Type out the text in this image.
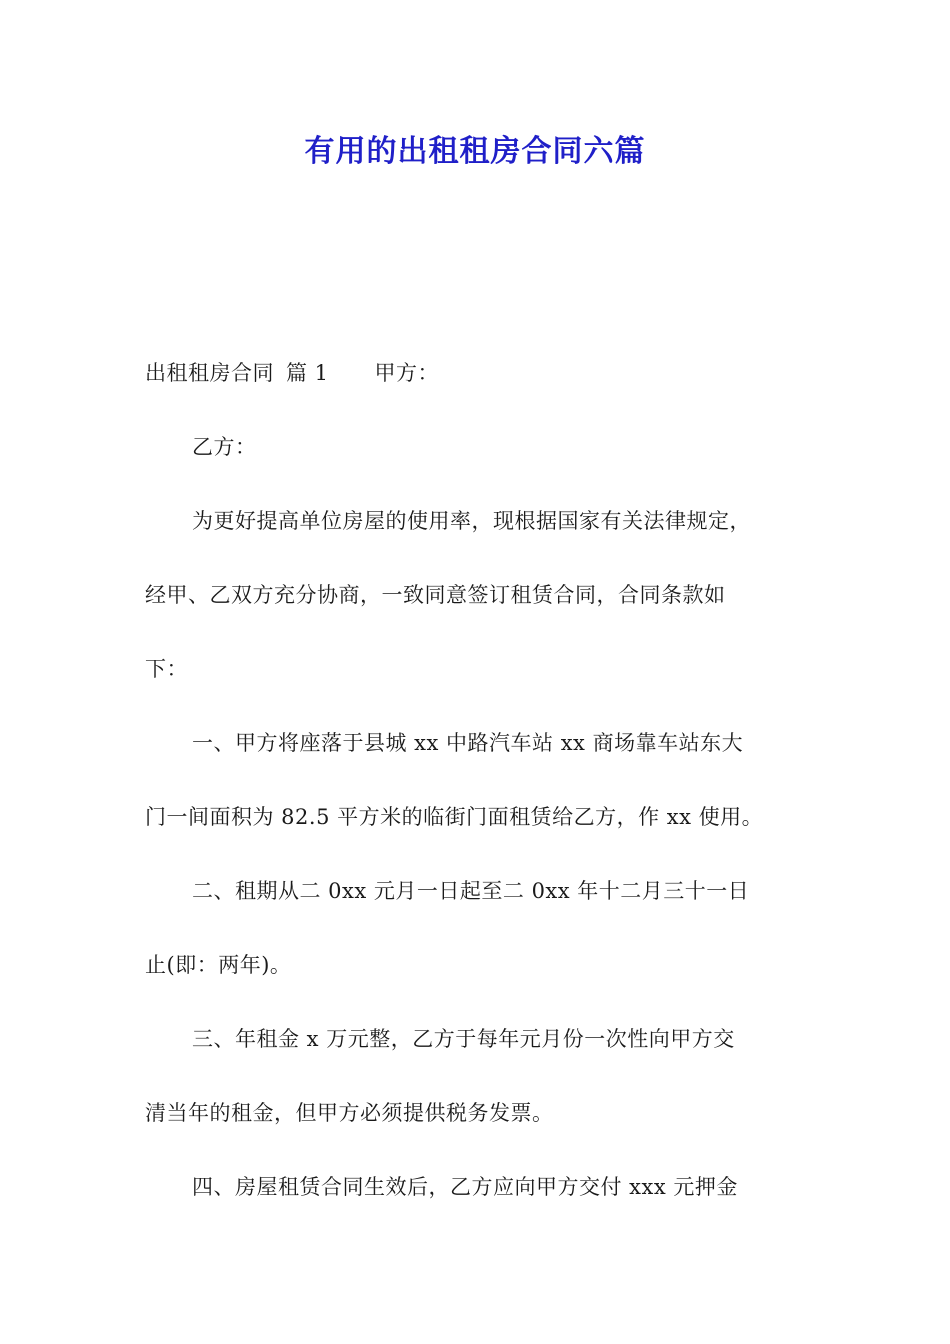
有用的出租租房合同六篇
出租租房合同 篇 1 甲方：
乙方：
为更好提高单位房屋的使用率，现根据国家有关法律规定，
经甲、乙双方充分协商，一致同意签订租赁合同，合同条款如
下：
一、甲方将座落于县城 xx 中路汽车站 xx 商场靠车站东大
门一间面积为 82.5 平方米的临街门面租赁给乙方，作 xx 使用。
二、租期从二 0xx 元月一日起至二 0xx 年十二月三十一日
止(即：两年)。
三、年租金 x 万元整，乙方于每年元月份一次性向甲方交
清当年的租金，但甲方必须提供税务发票。
四、房屋租赁合同生效后，乙方应向甲方交付 xxx 元押金
